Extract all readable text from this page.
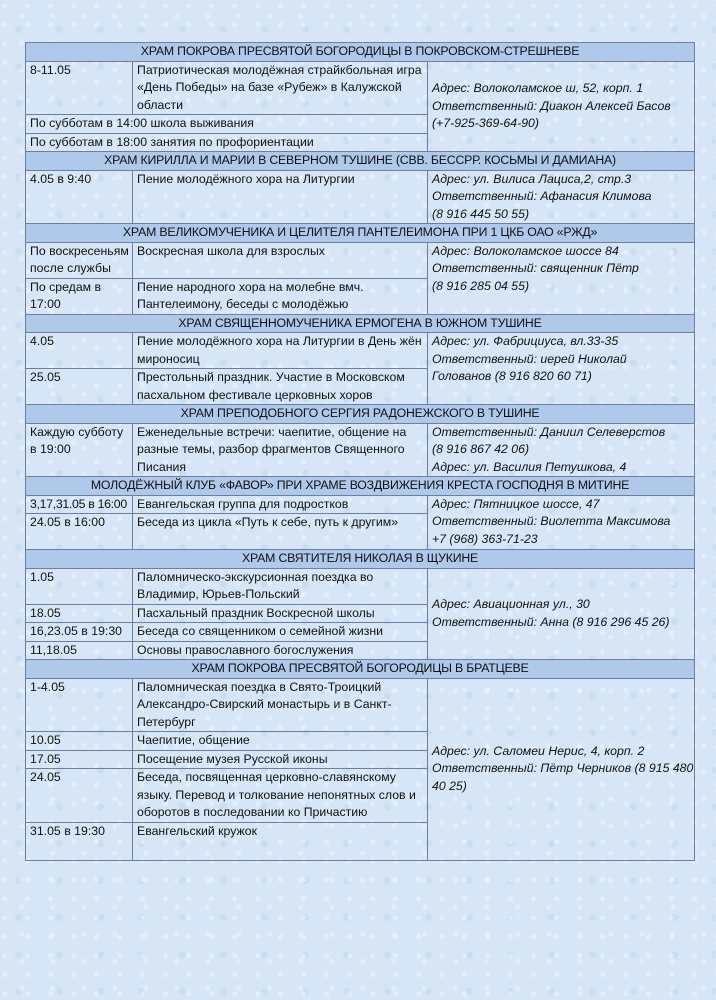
ХРАМ ПОКРОВА ПРЕСВЯТОЙ БОГОРОДИЦЫ В ПОКРОВСКОМ-СТРЕШНЕВЕ		
8-11.05	Патриотическая молодёжная страйкбольная игра «День Победы» на базе «Рубеж» в Калужской области	Адрес: Волоколамское ш, 52, корп. 1
Ответственный: Диакон Алексей Басов
(+7-925-369-64-90)

По субботам в 14:00 школа выживания		
По субботам в 18:00 занятия по профориентации		
ХРАМ КИРИЛЛА И МАРИИ В СЕВЕРНОМ ТУШИНЕ (СВВ. БЕССРР. КОСЬМЫ И ДАМИАНА)		
4.05 в 9:40	Пение молодёжного хора на Литургии	Адрес: ул. Вилиса Лациса,2, стр.3
Ответственный: Афанасия Климова
(8 916 445 50 55)

ХРАМ ВЕЛИКОМУЧЕНИКА И ЦЕЛИТЕЛЯ ПАНТЕЛЕИМОНА ПРИ 1 ЦКБ ОАО «РЖД»		
По воскресеньям после службы	Воскресная школа для взрослых	Адрес: Волоколамское шоссе 84
Ответственный: священник Пётр
(8 916 285 04 55)

По средам в 17:00	Пение народного хора на молебне вмч. Пантелеимону, беседы с молодёжью	
ХРАМ СВЯЩЕННОМУЧЕНИКА ЕРМОГЕНА В ЮЖНОМ ТУШИНЕ		
4.05	Пение молодёжного хора на Литургии в День жён мироносиц	Адрес: ул. Фабрициуса, вл.33-35
Ответственный: иерей Николай
Голованов (8 916 820 60 71)

25.05	Престольный праздник. Участие в Московском пасхальном фестивале церковных хоров	
ХРАМ ПРЕПОДОБНОГО СЕРГИЯ РАДОНЕЖСКОГО В ТУШИНЕ		
Каждую субботу в 19:00	Еженедельные встречи: чаепитие, общение на разные темы, разбор фрагментов Священного Писания	Ответственный: Даниил Селеверстов
(8 916 867 42 06)
Адрес: ул. Василия Петушкова, 4

МОЛОДЁЖНЫЙ КЛУБ «ФАВОР» ПРИ ХРАМЕ ВОЗДВИЖЕНИЯ КРЕСТА ГОСПОДНЯ В МИТИНЕ		
3,17,31.05 в 16:00	Евангельская группа для подростков	Адрес: Пятницкое шоссе, 47
Ответственный: Виолетта Максимова
+7 (968) 363-71-23

24.05 в 16:00	Беседа из цикла «Путь к себе, путь к другим»	
ХРАМ СВЯТИТЕЛЯ НИКОЛАЯ В ЩУКИНЕ		
1.05	Паломническо-экскурсионная поездка во Владимир, Юрьев-Польский	Адрес: Авиационная ул., 30
Ответственный: Анна (8 916 296 45 26)

18.05	Пасхальный праздник Воскресной школы	
16,23.05 в 19:30	Беседа со священником о семейной жизни	
11,18.05	Основы православного богослужения	
ХРАМ ПОКРОВА ПРЕСВЯТОЙ БОГОРОДИЦЫ В БРАТЦЕВЕ		
1-4.05	Паломническая поездка в Свято-Троицкий Александро-Свирский монастырь и в Санкт-Петербург	Адрес: ул. Саломеи Нерис, 4, корп. 2
Ответственный: Пётр Черников (8 915 480
40 25)

10.05	Чаепитие, общение	
17.05	Посещение музея Русской иконы	
24.05	Беседа, посвященная церковно-славянскому языку. Перевод и толкование непонятных слов и оборотов в последовании ко Причастию	
31.05 в 19:30	Евангельский кружок	
